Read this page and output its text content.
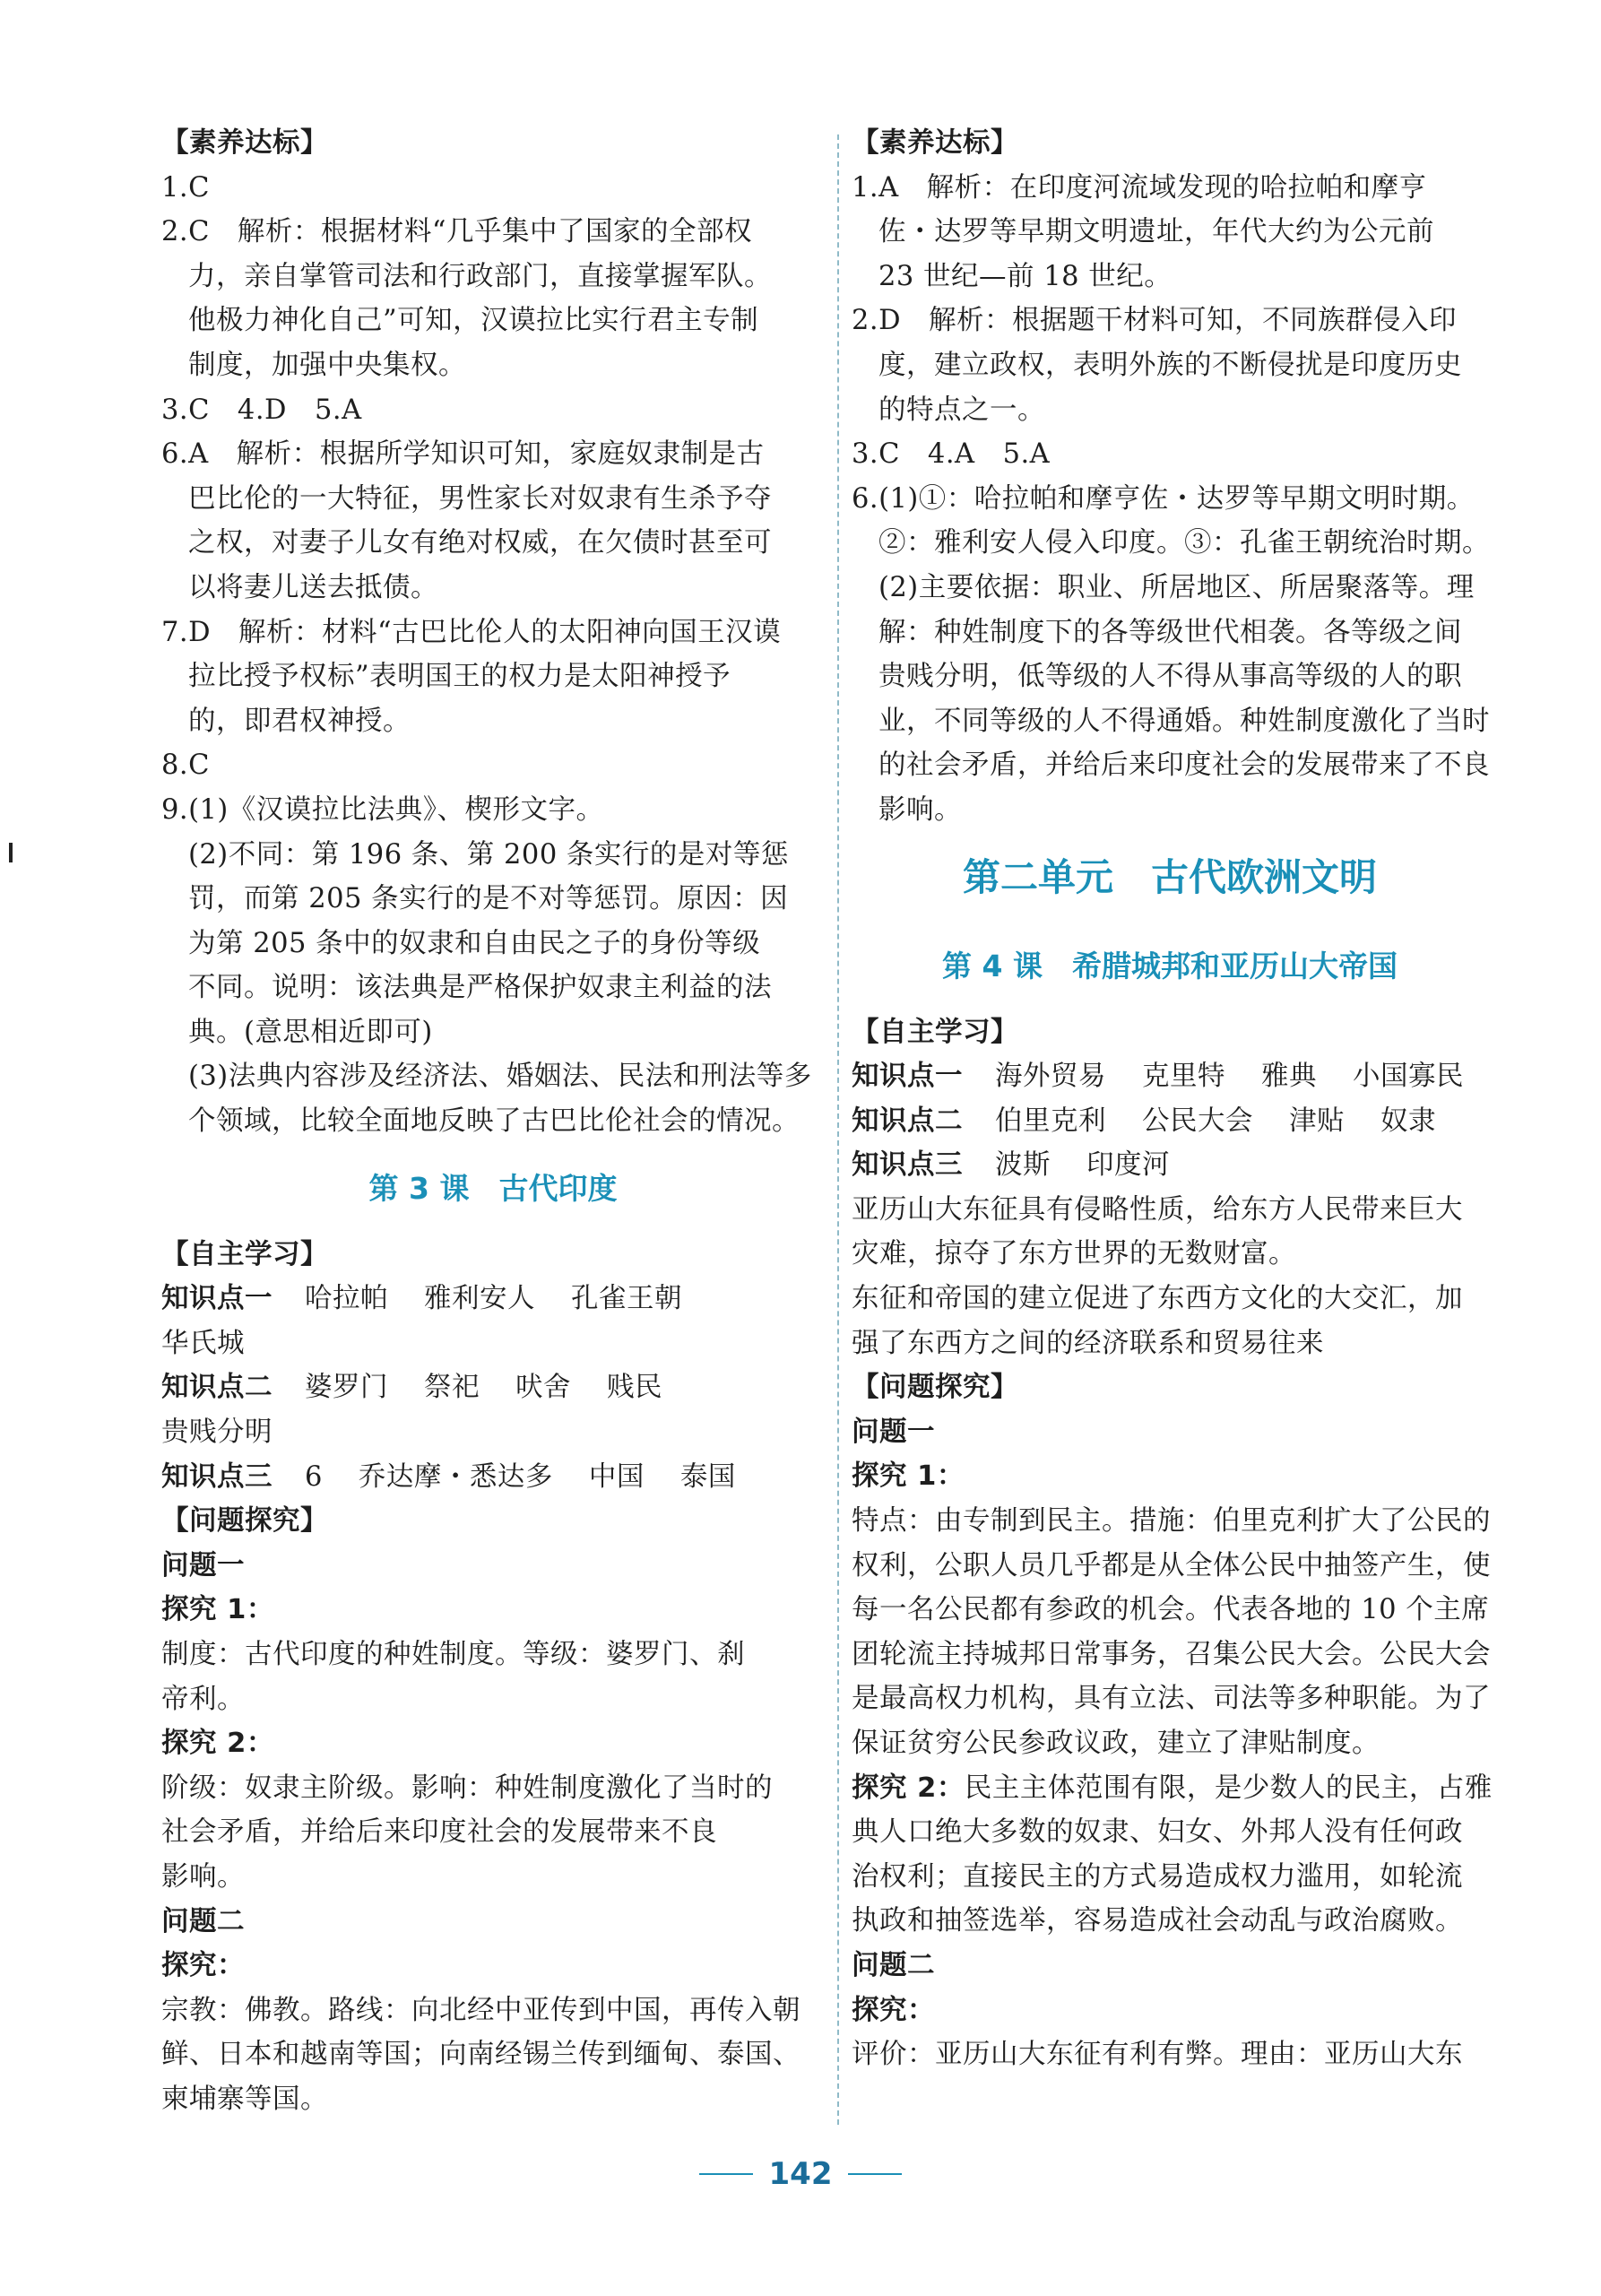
【素养达标】
1.C
2.C　解析：根据材料“几乎集中了国家的全部权
力，亲自掌管司法和行政部门，直接掌握军队。
他极力神化自己”可知，汉谟拉比实行君主专制
制度，加强中央集权。
3.C　4.D　5.A
6.A　解析：根据所学知识可知，家庭奴隶制是古
巴比伦的一大特征，男性家长对奴隶有生杀予夺
之权，对妻子儿女有绝对权威，在欠债时甚至可
以将妻儿送去抵债。
7.D　解析：材料“古巴比伦人的太阳神向国王汉谟
拉比授予权标”表明国王的权力是太阳神授予
的，即君权神授。
8.C
9.(1)《汉谟拉比法典》、楔形文字。
(2)不同：第 196 条、第 200 条实行的是对等惩
罚，而第 205 条实行的是不对等惩罚。原因：因
为第 205 条中的奴隶和自由民之子的身份等级
不同。说明：该法典是严格保护奴隶主利益的法
典。(意思相近即可)
(3)法典内容涉及经济法、婚姻法、民法和刑法等多
个领域，比较全面地反映了古巴比伦社会的情况。
第 3 课　古代印度
【自主学习】
知识点一 哈拉帕 雅利安人 孔雀王朝
华氏城
知识点二 婆罗门 祭祀 吠舍 贱民
贵贱分明
知识点三 6 乔达摩・悉达多 中国 泰国
【问题探究】
问题一
探究 1：
制度：古代印度的种姓制度。等级：婆罗门、刹
帝利。
探究 2：
阶级：奴隶主阶级。影响：种姓制度激化了当时的
社会矛盾，并给后来印度社会的发展带来不良
影响。
问题二
探究：
宗教：佛教。路线：向北经中亚传到中国，再传入朝
鲜、日本和越南等国；向南经锡兰传到缅甸、泰国、
柬埔寨等国。
【素养达标】
1.A　解析：在印度河流域发现的哈拉帕和摩亨
佐・达罗等早期文明遗址，年代大约为公元前
23 世纪—前 18 世纪。
2.D　解析：根据题干材料可知，不同族群侵入印
度，建立政权，表明外族的不断侵扰是印度历史
的特点之一。
3.C　4.A　5.A
6.(1)①：哈拉帕和摩亨佐・达罗等早期文明时期。
②：雅利安人侵入印度。③：孔雀王朝统治时期。
(2)主要依据：职业、所居地区、所居聚落等。理
解：种姓制度下的各等级世代相袭。各等级之间
贵贱分明，低等级的人不得从事高等级的人的职
业，不同等级的人不得通婚。种姓制度激化了当时
的社会矛盾，并给后来印度社会的发展带来了不良
影响。
第二单元　古代欧洲文明
第 4 课　希腊城邦和亚历山大帝国
【自主学习】
知识点一 海外贸易 克里特 雅典 小国寡民
知识点二 伯里克利 公民大会 津贴 奴隶
知识点三 波斯 印度河
亚历山大东征具有侵略性质，给东方人民带来巨大
灾难，掠夺了东方世界的无数财富。
东征和帝国的建立促进了东西方文化的大交汇，加
强了东西方之间的经济联系和贸易往来
【问题探究】
问题一
探究 1：
特点：由专制到民主。措施：伯里克利扩大了公民的
权利，公职人员几乎都是从全体公民中抽签产生，使
每一名公民都有参政的机会。代表各地的 10 个主席
团轮流主持城邦日常事务，召集公民大会。公民大会
是最高权力机构，具有立法、司法等多种职能。为了
保证贫穷公民参政议政，建立了津贴制度。
探究 2：民主主体范围有限，是少数人的民主，占雅
典人口绝大多数的奴隶、妇女、外邦人没有任何政
治权利；直接民主的方式易造成权力滥用，如轮流
执政和抽签选举，容易造成社会动乱与政治腐败。
问题二
探究：
评价：亚历山大东征有利有弊。理由：亚历山大东
142
